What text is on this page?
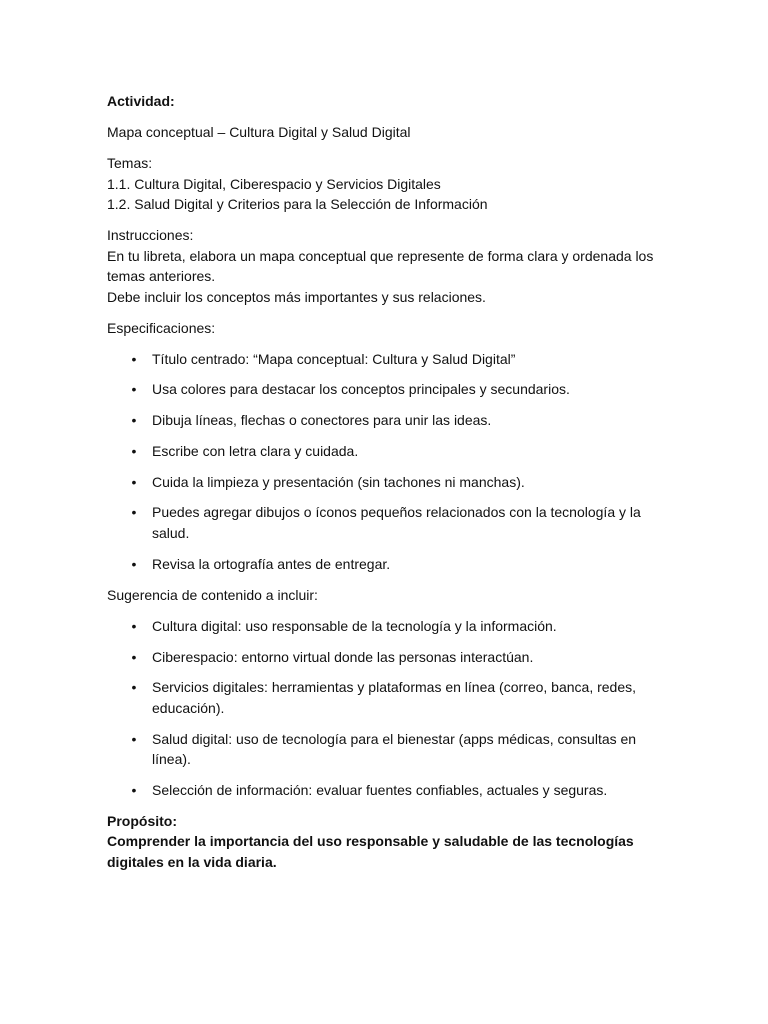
Actividad:

Mapa conceptual – Cultura Digital y Salud Digital

Temas:
1.1. Cultura Digital, Ciberespacio y Servicios Digitales
1.2. Salud Digital y Criterios para la Selección de Información
Instrucciones:
En tu libreta, elabora un mapa conceptual que represente de forma clara y ordenada los temas anteriores.
Debe incluir los conceptos más importantes y sus relaciones.

Especificaciones:

• Título centrado: “Mapa conceptual: Cultura y Salud Digital”
• Usa colores para destacar los conceptos principales y secundarios.
• Dibuja líneas, flechas o conectores para unir las ideas.
• Escribe con letra clara y cuidada.
• Cuida la limpieza y presentación (sin tachones ni manchas).
• Puedes agregar dibujos o íconos pequeños relacionados con la tecnología y la salud.
• Revisa la ortografía antes de entregar.

Sugerencia de contenido a incluir:

• Cultura digital: uso responsable de la tecnología y la información.
• Ciberespacio: entorno virtual donde las personas interactúan.
• Servicios digitales: herramientas y plataformas en línea (correo, banca, redes, educación).
• Salud digital: uso de tecnología para el bienestar (apps médicas, consultas en línea).
• Selección de información: evaluar fuentes confiables, actuales y seguras.
Propósito:
Comprender la importancia del uso responsable y saludable de las tecnologías digitales en la vida diaria.
